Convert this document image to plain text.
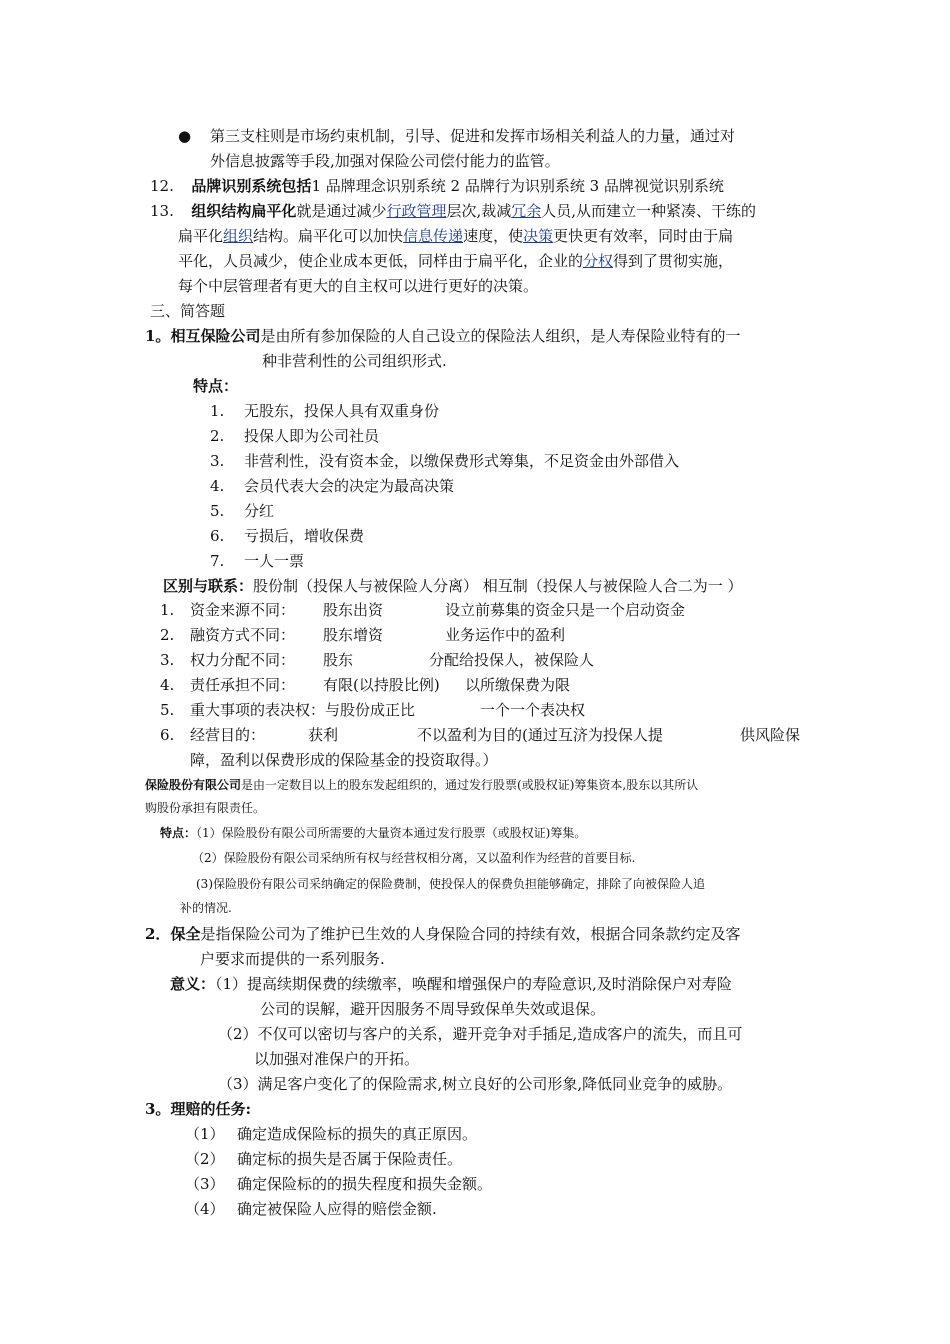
● 第三支柱则是市场约束机制，引导、促进和发挥市场相关利益人的力量，通过对
外信息披露等手段,加强对保险公司偿付能力的监管。
12. 品牌识别系统包括1 品牌理念识别系统 2 品牌行为识别系统 3 品牌视觉识别系统
13. 组织结构扁平化就是通过减少行政管理层次,裁减冗余人员,从而建立一种紧凑、干练的
扁平化组织结构。扁平化可以加快信息传递速度，使决策更快更有效率，同时由于扁
平化，人员减少，使企业成本更低，同样由于扁平化，企业的分权得到了贯彻实施，
每个中层管理者有更大的自主权可以进行更好的决策。
三、简答题
1。相互保险公司是由所有参加保险的人自己设立的保险法人组织，是人寿保险业特有的一
种非营利性的公司组织形式.
特点：
1. 无股东，投保人具有双重身份
2. 投保人即为公司社员
3. 非营利性，没有资本金，以缴保费形式筹集，不足资金由外部借入
4. 会员代表大会的决定为最高决策
5. 分红
6. 亏损后，增收保费
7. 一人一票
区别与联系：股份制（投保人与被保险人分离） 相互制（投保人与被保险人合二为一 ）
1. 资金来源不同： 股东出资	设立前募集的资金只是一个启动资金
2. 融资方式不同： 股东增资	业务运作中的盈利
3. 权力分配不同： 股东	分配给投保人，被保险人
4. 责任承担不同： 有限(以持股比例) 以所缴保费为限
5. 重大事项的表决权：与股份成正比	一个一个表决权
6. 经营目的：	获利	不以盈利为目的(通过互济为投保人提	供风险保
障，盈利以保费形成的保险基金的投资取得。）
保险股份有限公司是由一定数目以上的股东发起组织的，通过发行股票(或股权证)筹集资本,股东以其所认
购股份承担有限责任。
特点：（1）保险股份有限公司所需要的大量资本通过发行股票（或股权证)筹集。
（2）保险股份有限公司采纳所有权与经营权相分离，又以盈利作为经营的首要目标.
(3)保险股份有限公司采纳确定的保险费制，使投保人的保费负担能够确定，排除了向被保险人追
补的情况.
2．保全是指保险公司为了维护已生效的人身保险合同的持续有效，根据合同条款约定及客
户要求而提供的一系列服务.
意义：（1）提高续期保费的续缴率，唤醒和增强保户的寿险意识,及时消除保户对寿险
公司的误解，避开因服务不周导致保单失效或退保。
（2）不仅可以密切与客户的关系，避开竞争对手插足,造成客户的流失，而且可
以加强对准保户的开拓。
（3）满足客户变化了的保险需求,树立良好的公司形象,降低同业竞争的威胁。
3。理赔的任务:
（1） 确定造成保险标的损失的真正原因。
（2） 确定标的损失是否属于保险责任。
（3） 确定保险标的的损失程度和损失金额。
（4） 确定被保险人应得的赔偿金额.
